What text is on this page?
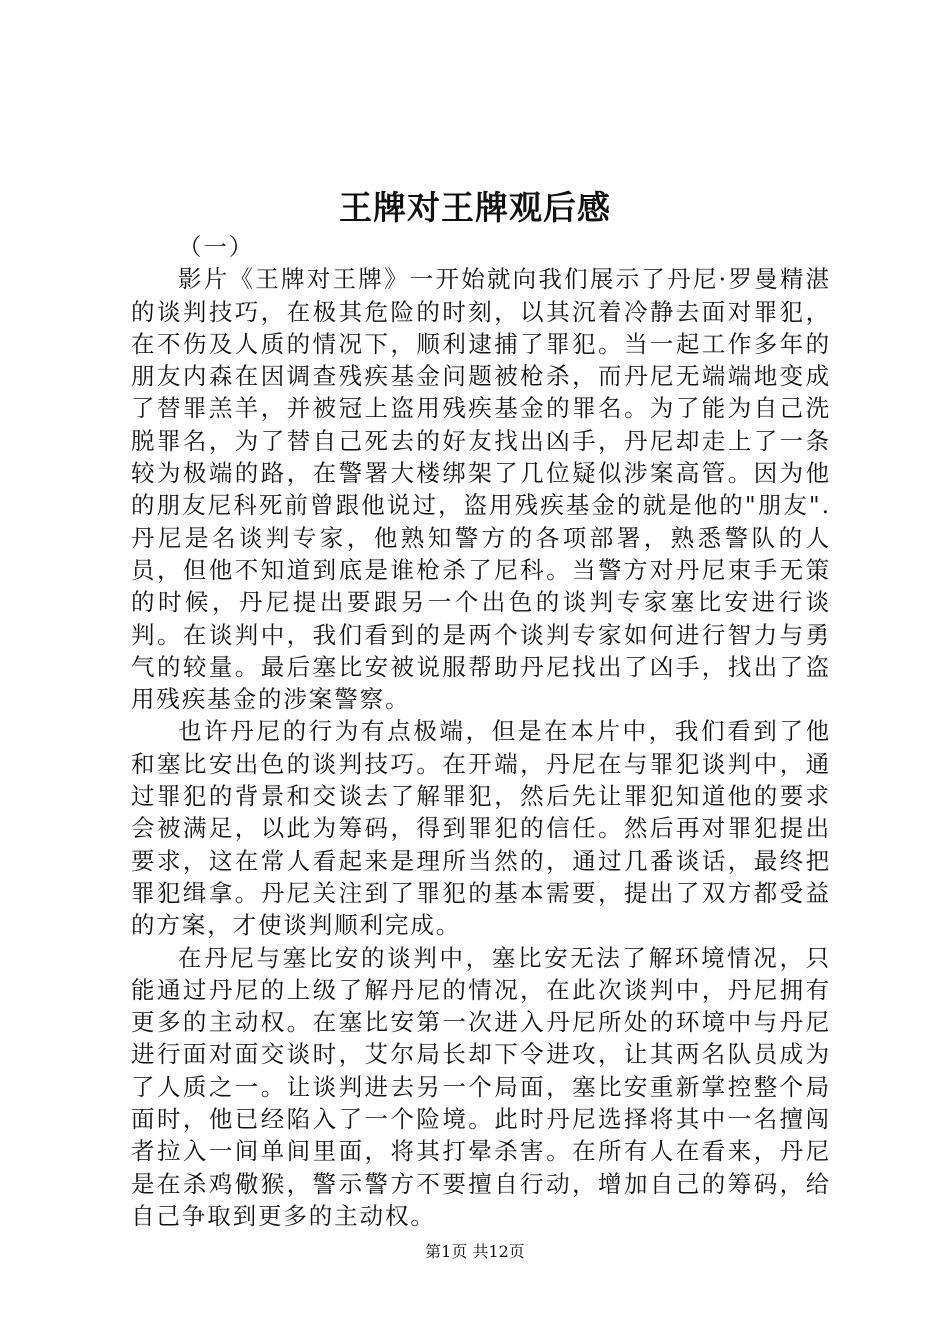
王牌对王牌观后感

（一）

影片《王牌对王牌》一开始就向我们展示了丹尼·罗曼精湛的谈判技巧，在极其危险的时刻，以其沉着冷静去面对罪犯，在不伤及人质的情况下，顺利逮捕了罪犯。当一起工作多年的朋友内森在因调查残疾基金问题被枪杀，而丹尼无端端地变成了替罪羔羊，并被冠上盗用残疾基金的罪名。为了能为自己洗脱罪名，为了替自己死去的好友找出凶手，丹尼却走上了一条较为极端的路，在警署大楼绑架了几位疑似涉案高管。因为他的朋友尼科死前曾跟他说过，盗用残疾基金的就是他的"朋友".丹尼是名谈判专家，他熟知警方的各项部署，熟悉警队的人员，但他不知道到底是谁枪杀了尼科。当警方对丹尼束手无策的时候，丹尼提出要跟另一个出色的谈判专家塞比安进行谈判。在谈判中，我们看到的是两个谈判专家如何进行智力与勇气的较量。最后塞比安被说服帮助丹尼找出了凶手，找出了盗用残疾基金的涉案警察。

也许丹尼的行为有点极端，但是在本片中，我们看到了他和塞比安出色的谈判技巧。在开端，丹尼在与罪犯谈判中，通过罪犯的背景和交谈去了解罪犯，然后先让罪犯知道他的要求会被满足，以此为筹码，得到罪犯的信任。然后再对罪犯提出要求，这在常人看起来是理所当然的，通过几番谈话，最终把罪犯缉拿。丹尼关注到了罪犯的基本需要，提出了双方都受益的方案，才使谈判顺利完成。

在丹尼与塞比安的谈判中，塞比安无法了解环境情况，只能通过丹尼的上级了解丹尼的情况，在此次谈判中，丹尼拥有更多的主动权。在塞比安第一次进入丹尼所处的环境中与丹尼进行面对面交谈时，艾尔局长却下令进攻，让其两名队员成为了人质之一。让谈判进去另一个局面，塞比安重新掌控整个局面时，他已经陷入了一个险境。此时丹尼选择将其中一名擅闯者拉入一间单间里面，将其打晕杀害。在所有人在看来，丹尼是在杀鸡儆猴，警示警方不要擅自行动，增加自己的筹码，给自己争取到更多的主动权。

第1页 共12页
